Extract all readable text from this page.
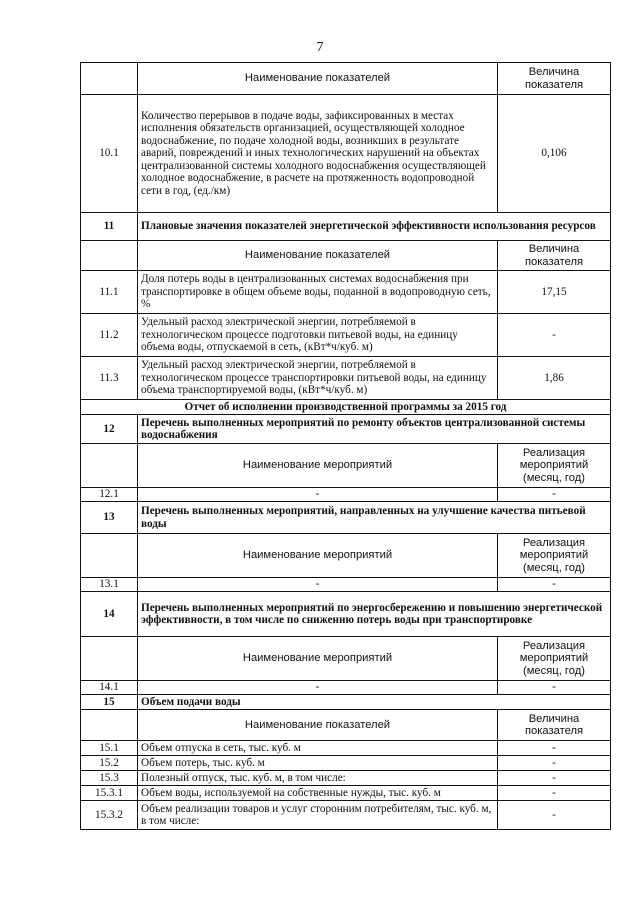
7
	Наименование показателей	Величина показателя
10.1	Количество перерывов в подаче воды, зафиксированных в местах исполнения обязательств организацией, осуществляющей холодное водоснабжение, по подаче холодной воды, возникших в результате аварий, повреждений и иных технологических нарушений на объектах централизованной системы холодного водоснабжения осуществляющей холодное водоснабжение, в расчете на протяженность водопроводной сети в год, (ед./км)	0,106
11	Плановые значения показателей энергетической эффективности использования ресурсов	
	Наименование показателей	Величина показателя
11.1	Доля потерь воды в централизованных системах водоснабжения при транспортировке в общем объеме воды, поданной в водопроводную сеть, %	17,15
11.2	Удельный расход электрической энергии, потребляемой в технологическом процессе подготовки питьевой воды, на единицу объема воды, отпускаемой в сеть, (кВт*ч/куб. м)	-
11.3	Удельный расход электрической энергии, потребляемой в технологическом процессе транспортировки питьевой воды, на единицу объема транспортируемой воды, (кВт*ч/куб. м)	1,86
Отчет об исполнении производственной программы за 2015 год		
12	Перечень выполненных мероприятий по ремонту объектов централизованной системы водоснабжения	
	Наименование мероприятий	Реализация мероприятий (месяц, год)
12.1	-	-
13	Перечень выполненных мероприятий, направленных на улучшение качества питьевой воды	
	Наименование мероприятий	Реализация мероприятий (месяц, год)
13.1	-	-
14	Перечень выполненных мероприятий по энергосбережению и повышению энергетической эффективности, в том числе по снижению потерь воды при транспортировке	
	Наименование мероприятий	Реализация мероприятий (месяц, год)
14.1	-	-
15	Объем подачи воды	
	Наименование показателей	Величина показателя
15.1	Объем отпуска в сеть, тыс. куб. м	-
15.2	Объем потерь, тыс. куб. м	-
15.3	Полезный отпуск, тыс. куб. м, в том числе:	-
15.3.1	Объем воды, используемой на собственные нужды, тыс. куб. м	-
15.3.2	Объем реализации товаров и услуг сторонним потребителям, тыс. куб. м, в том числе:	-
